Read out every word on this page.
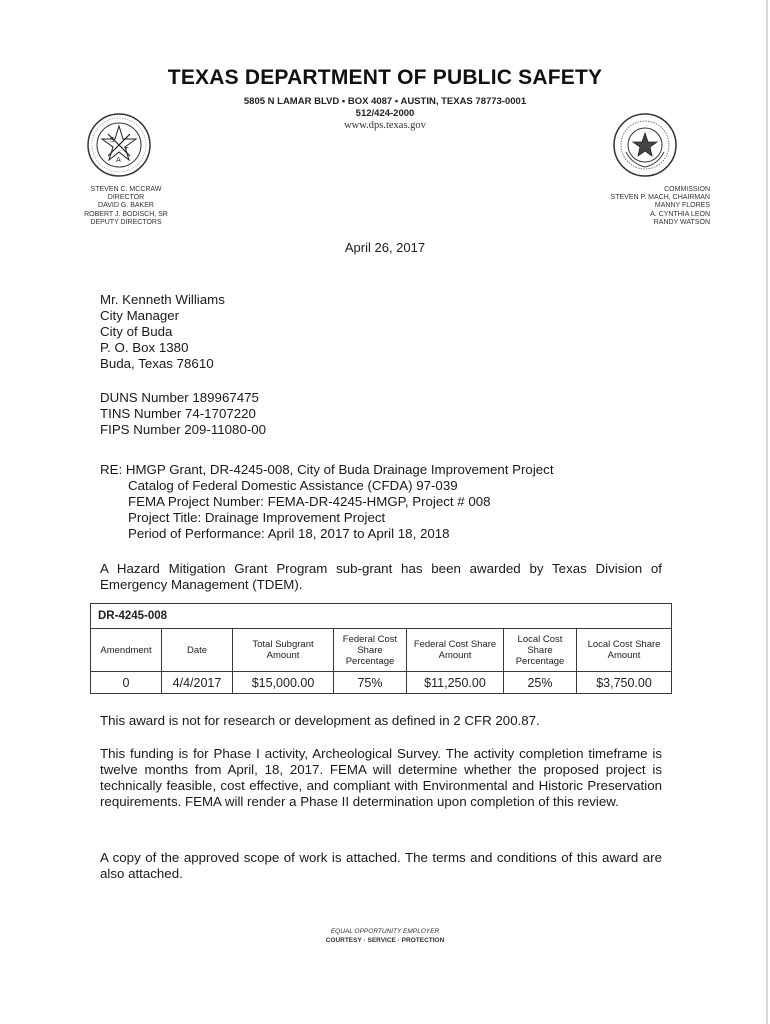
TEXAS DEPARTMENT OF PUBLIC SAFETY
5805 N LAMAR BLVD • BOX 4087 • AUSTIN, TEXAS 78773-0001
512/424-2000
www.dps.texas.gov
S
T
A
STEVEN C. MCCRAW
DIRECTOR
DAVID G. BAKER
ROBERT J. BODISCH, SR
DEPUTY DIRECTORS
COMMISSION
STEVEN P. MACH, CHAIRMAN
MANNY FLORES
A. CYNTHIA LEON
RANDY WATSON
April 26, 2017
Mr. Kenneth Williams
City Manager
City of Buda
P. O. Box 1380
Buda, Texas 78610
DUNS Number 189967475
TINS Number 74-1707220
FIPS Number 209-11080-00
RE: HMGP Grant, DR-4245-008, City of Buda Drainage Improvement Project
Catalog of Federal Domestic Assistance (CFDA) 97-039
FEMA Project Number: FEMA-DR-4245-HMGP, Project # 008
Project Title: Drainage Improvement Project
Period of Performance: April 18, 2017 to April 18, 2018
A Hazard Mitigation Grant Program sub-grant has been awarded by Texas Division of Emergency Management (TDEM).
DR-4245-008						
Amendment	Date	Total Subgrant Amount	Federal Cost Share Percentage	Federal Cost Share Amount	Local Cost Share Percentage	Local Cost Share Amount
0	4/4/2017	$15,000.00	75%	$11,250.00	25%	$3,750.00
This award is not for research or development as defined in 2 CFR 200.87.
This funding is for Phase I activity, Archeological Survey. The activity completion timeframe is twelve months from April, 18, 2017. FEMA will determine whether the proposed project is technically feasible, cost effective, and compliant with Environmental and Historic Preservation requirements. FEMA will render a Phase II determination upon completion of this review.
A copy of the approved scope of work is attached. The terms and conditions of this award are also attached.
EQUAL OPPORTUNITY EMPLOYER
COURTESY · SERVICE · PROTECTION
